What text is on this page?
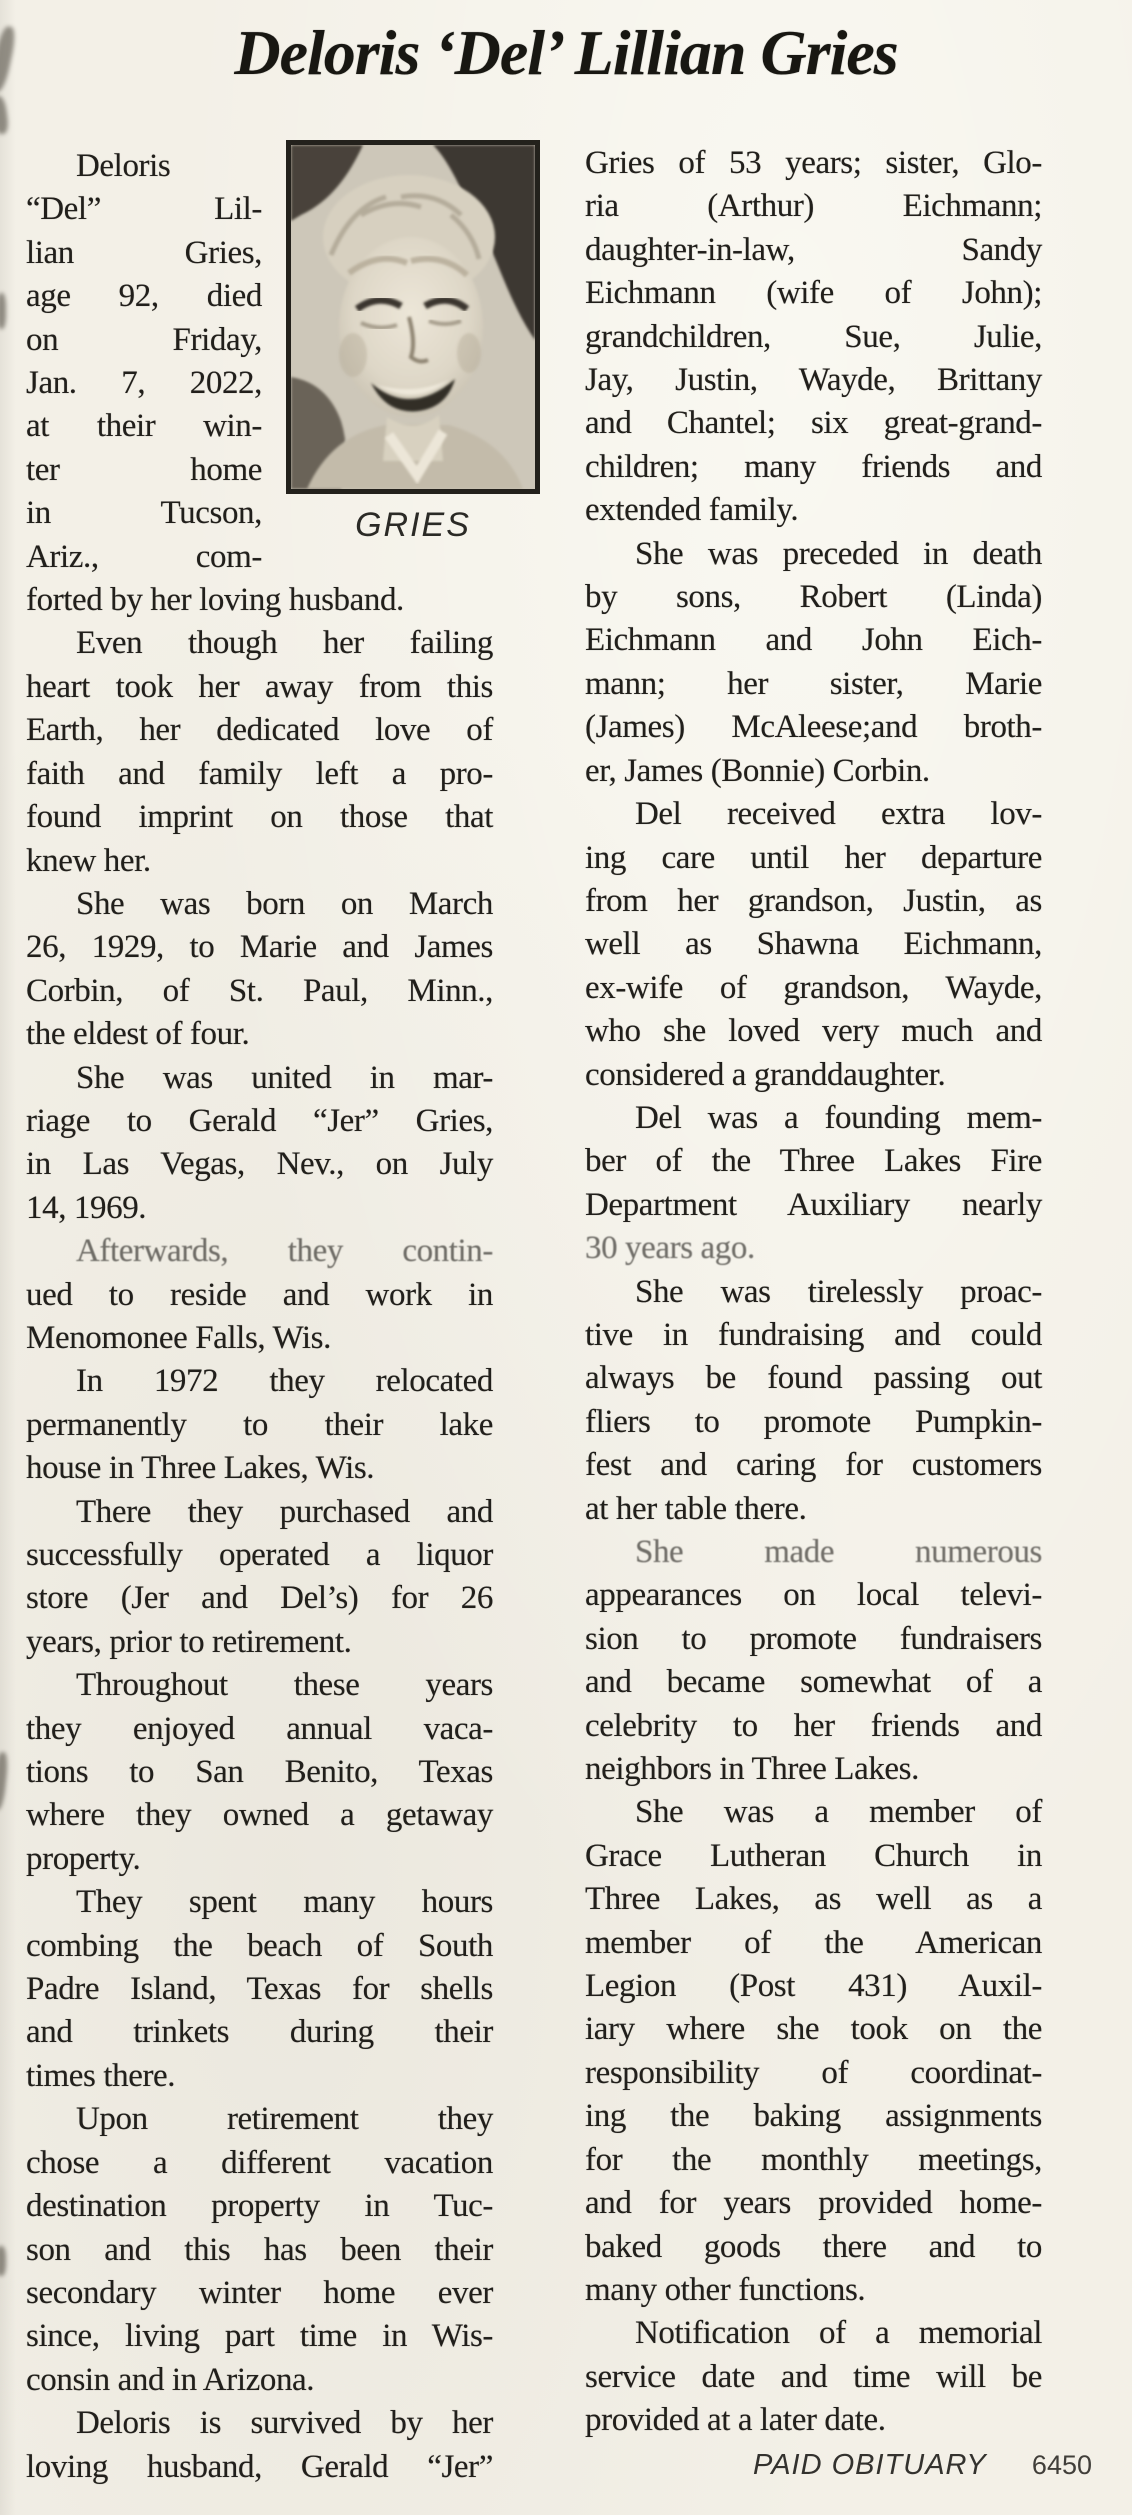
Deloris ‘Del’ Lillian Gries
GRIES
Deloris
“Del” Lil-
lian Gries,
age 92, died
on Friday,
Jan. 7, 2022,
at their win-
ter home
in Tucson,
Ariz., com-
forted by her loving husband.
Even though her failing
heart took her away from this
Earth, her dedicated love of
faith and family left a pro-
found imprint on those that
knew her.
She was born on March
26, 1929, to Marie and James
Corbin, of St. Paul, Minn.,
the eldest of four.
She was united in mar-
riage to Gerald “Jer” Gries,
in Las Vegas, Nev., on July
14, 1969.
Afterwards, they contin-
ued to reside and work in
Menomonee Falls, Wis.
In 1972 they relocated
permanently to their lake
house in Three Lakes, Wis.
There they purchased and
successfully operated a liquor
store (Jer and Del’s) for 26
years, prior to retirement.
Throughout these years
they enjoyed annual vaca-
tions to San Benito, Texas
where they owned a getaway
property.
They spent many hours
combing the beach of South
Padre Island, Texas for shells
and trinkets during their
times there.
Upon retirement they
chose a different vacation
destination property in Tuc-
son and this has been their
secondary winter home ever
since, living part time in Wis-
consin and in Arizona.
Deloris is survived by her
loving husband, Gerald “Jer”
Gries of 53 years; sister, Glo-
ria (Arthur) Eichmann;
daughter-in-law, Sandy
Eichmann (wife of John);
grandchildren, Sue, Julie,
Jay, Justin, Wayde, Brittany
and Chantel; six great-grand-
children; many friends and
extended family.
She was preceded in death
by sons, Robert (Linda)
Eichmann and John Eich-
mann; her sister, Marie
(James) McAleese;and broth-
er, James (Bonnie) Corbin.
Del received extra lov-
ing care until her departure
from her grandson, Justin, as
well as Shawna Eichmann,
ex-wife of grandson, Wayde,
who she loved very much and
considered a granddaughter.
Del was a founding mem-
ber of the Three Lakes Fire
Department Auxiliary nearly
30 years ago.
She was tirelessly proac-
tive in fundraising and could
always be found passing out
fliers to promote Pumpkin-
fest and caring for customers
at her table there.
She made numerous
appearances on local televi-
sion to promote fundraisers
and became somewhat of a
celebrity to her friends and
neighbors in Three Lakes.
She was a member of
Grace Lutheran Church in
Three Lakes, as well as a
member of the American
Legion (Post 431) Auxil-
iary where she took on the
responsibility of coordinat-
ing the baking assignments
for the monthly meetings,
and for years provided home-
baked goods there and to
many other functions.
Notification of a memorial
service date and time will be
provided at a later date.
PAID OBITUARY 6450
